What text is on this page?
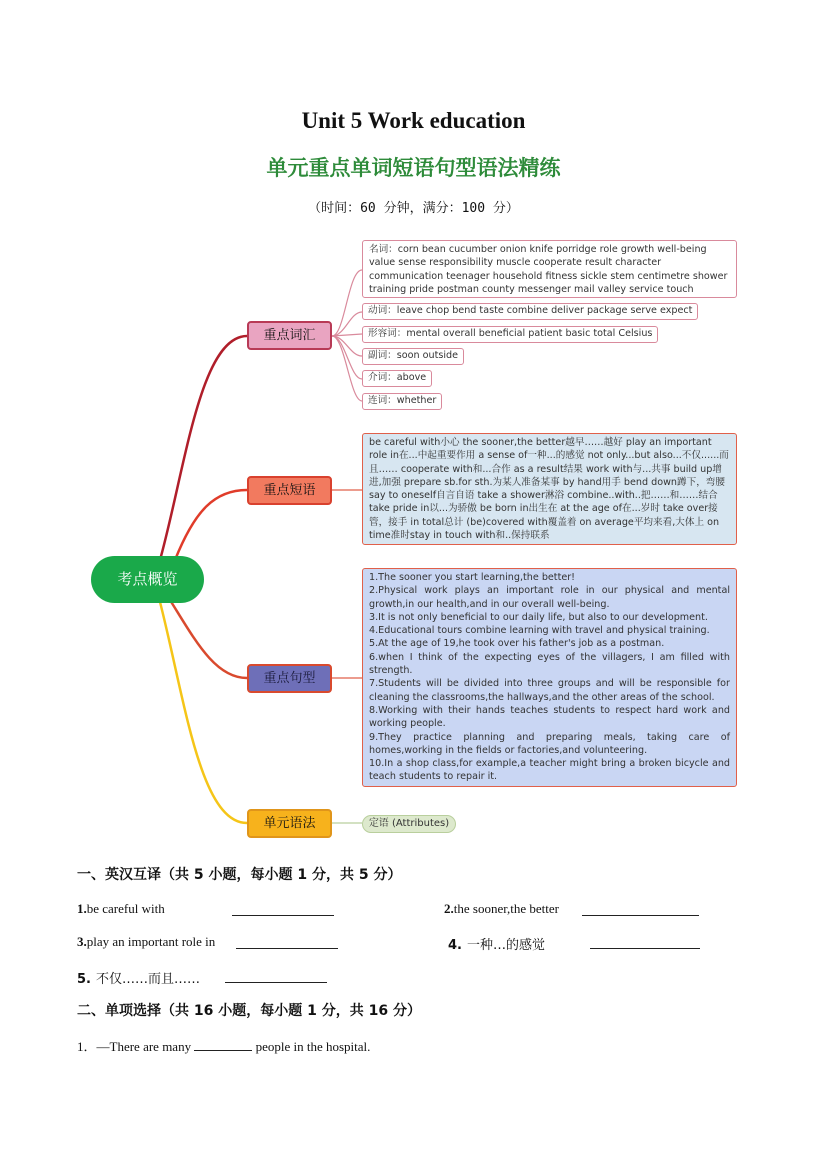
Unit 5 Work education
单元重点单词短语句型语法精练
（时间：60 分钟，满分：100 分）
考点概览
重点词汇
重点短语
重点句型
单元语法
名词：corn bean cucumber onion knife porridge role growth well-being value sense responsibility muscle cooperate result character communication teenager household fitness sickle stem centimetre shower training pride postman county messenger mail valley service touch
动词：leave chop bend taste combine deliver package serve expect
形容词：mental overall beneficial patient basic total Celsius
副词：soon outside
介词：above
连词：whether
be careful with小心 the sooner,the better越早……越好 play an important role in在...中起重要作用 a sense of一种...的感觉 not only...but also...不仅......而且…… cooperate with和...合作 as a result结果 work with与...共事 build up增进,加强 prepare sb.for sth.为某人准备某事 by hand用手 bend down蹲下，弯腰 say to oneself自言自语 take a shower淋浴 combine..with..把……和……结合 take pride in以...为骄傲 be born in出生在 at the age of在...岁时 take over接管，接手 in total总计 (be)covered with覆盖着 on average平均来看,大体上 on time准时stay in touch with和..保持联系

1.The sooner you start learning,the better!

2.Physical work plays an important role in our physical and mental growth,in our health,and in our overall well-being.

3.It is not only beneficial to our daily life, but also to our development.

4.Educational tours combine learning with travel and physical training.

5.At the age of 19,he took over his father's job as a postman.

6.when I think of the expecting eyes of the villagers, I am filled with strength.

7.Students will be divided into three groups and will be responsible for cleaning the classrooms,the hallways,and the other areas of the school.

8.Working with their hands teaches students to respect hard work and working people.

9.They practice planning and preparing meals, taking care of homes,working in the fields or factories,and volunteering.

10.In a shop class,for example,a teacher might bring a broken bicycle and teach students to repair it.

定语 (Attributes)
一、英汉互译（共 5 小题，每小题 1 分，共 5 分）
1.be careful with	2.the sooner,the better
3.play an important role in	4. 一种…的感觉
5. 不仅……而且……
二、单项选择（共 16 小题，每小题 1 分，共 16 分）
1．—There are many	people in the hospital.
